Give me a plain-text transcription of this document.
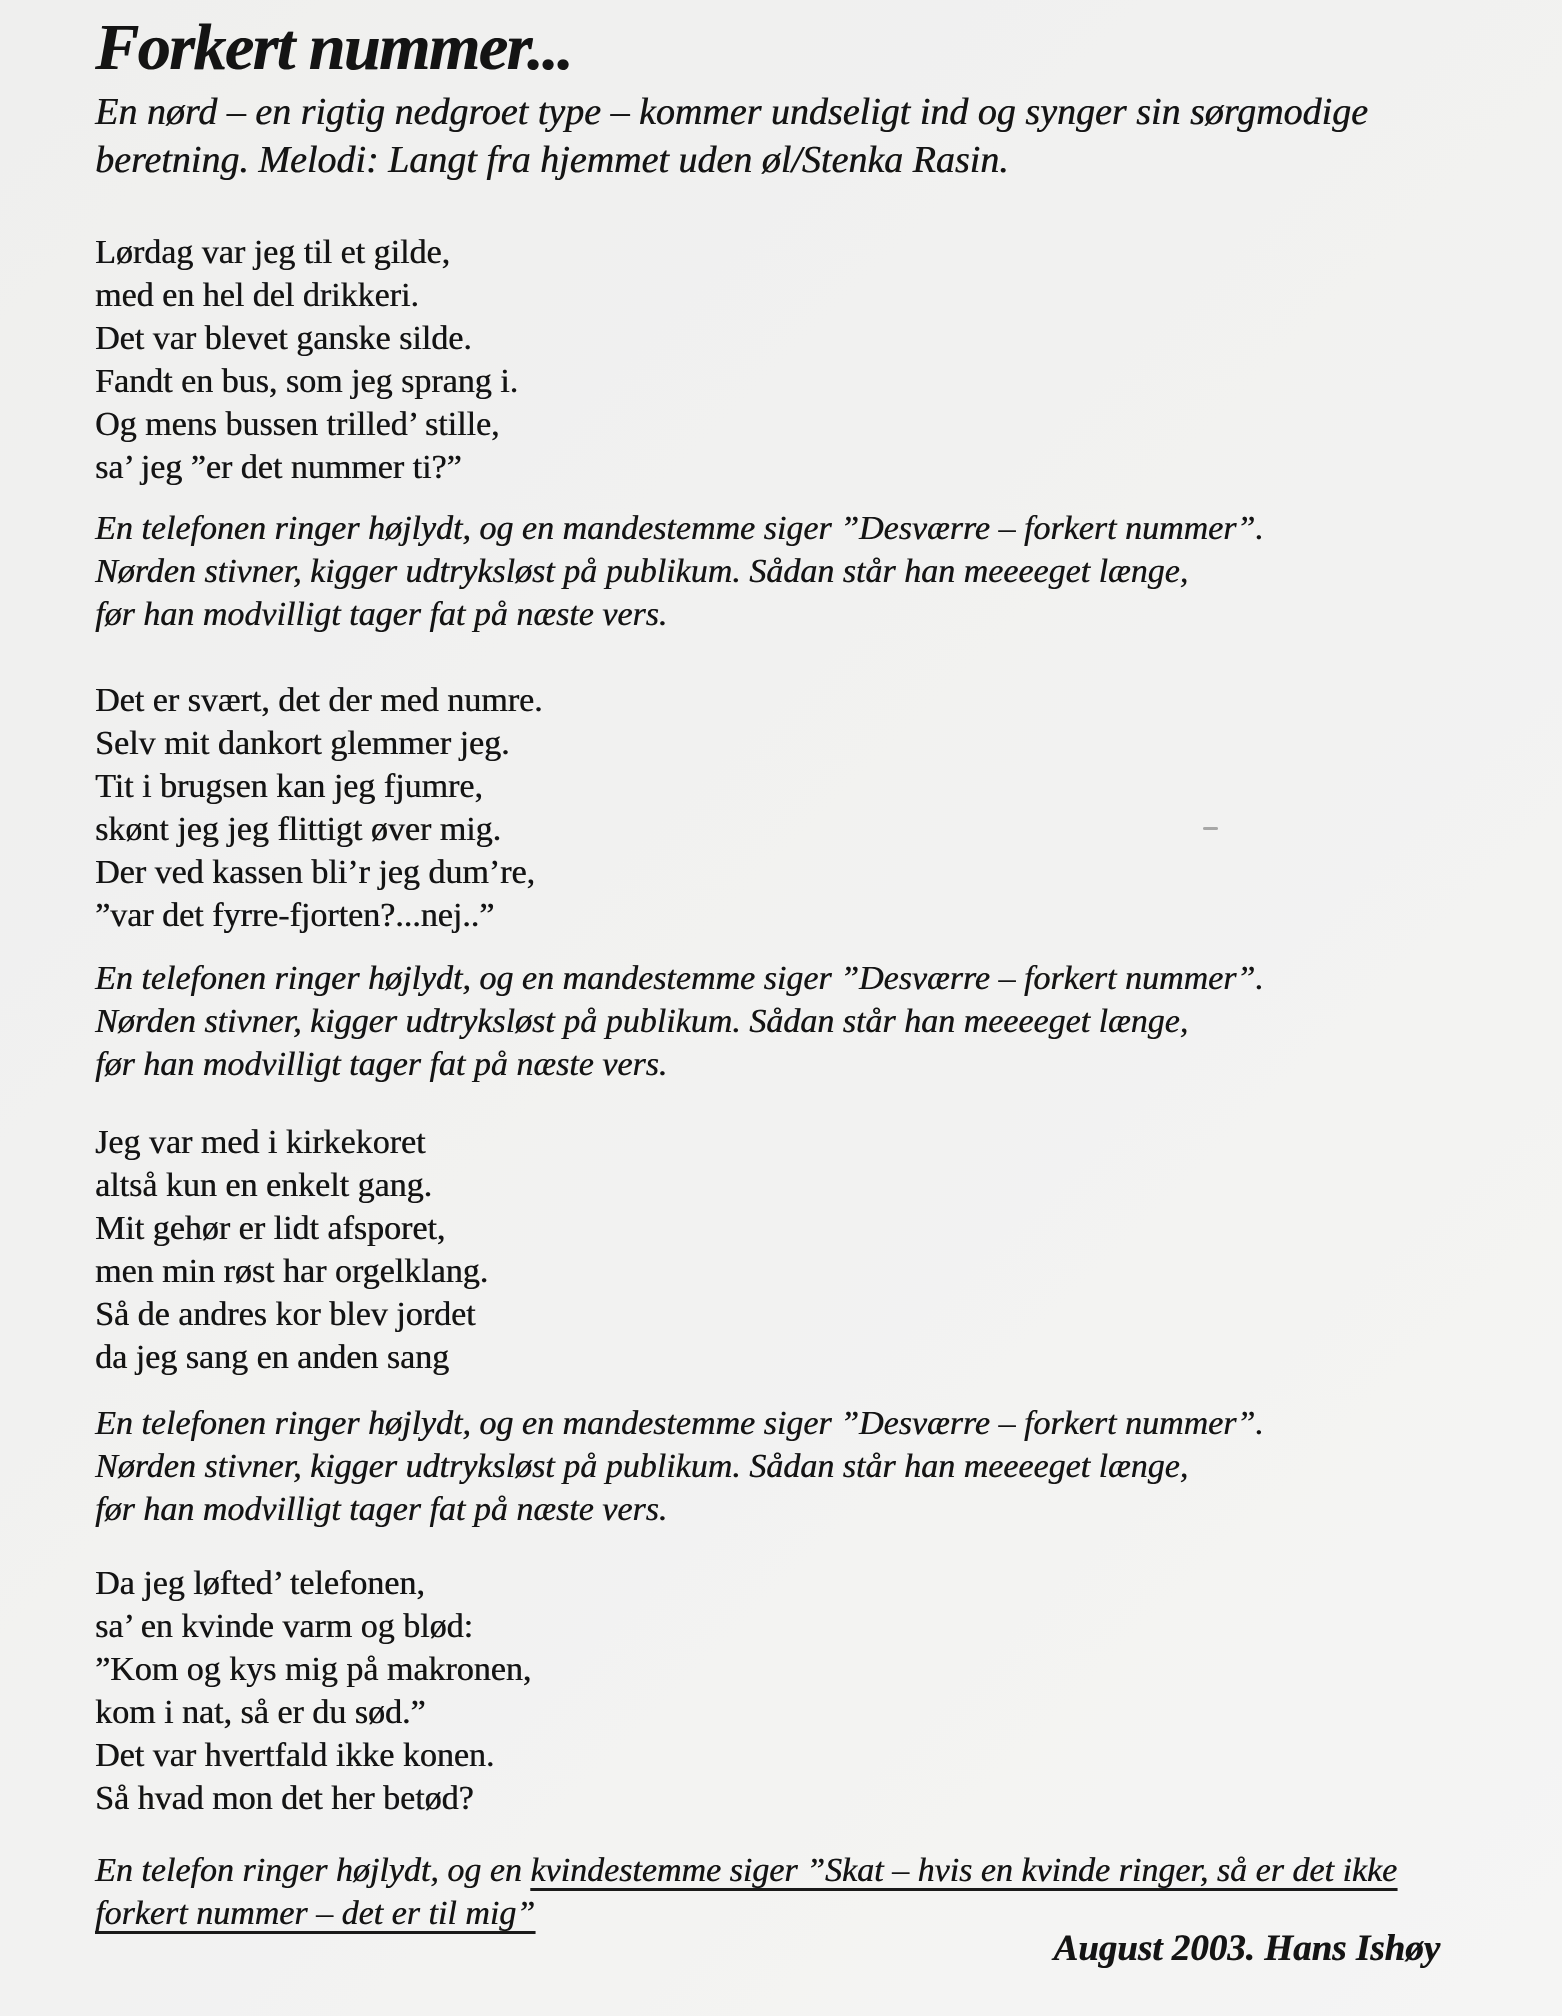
Forkert nummer...
En nørd – en rigtig nedgroet type – kommer undseligt ind og synger sin sørgmodige
beretning. Melodi: Langt fra hjemmet uden øl/Stenka Rasin.
Lørdag var jeg til et gilde,
med en hel del drikkeri.
Det var blevet ganske silde.
Fandt en bus, som jeg sprang i.
Og mens bussen trilled’ stille,
sa’ jeg ”er det nummer ti?”
En telefonen ringer højlydt, og en mandestemme siger ”Desværre – forkert nummer”.
Nørden stivner, kigger udtryksløst på publikum. Sådan står han meeeeget længe,
før han modvilligt tager fat på næste vers.
Det er svært, det der med numre.
Selv mit dankort glemmer jeg.
Tit i brugsen kan jeg fjumre,
skønt jeg jeg flittigt øver mig.
Der ved kassen bli’r jeg dum’re,
”var det fyrre-fjorten?...nej..”
En telefonen ringer højlydt, og en mandestemme siger ”Desværre – forkert nummer”.
Nørden stivner, kigger udtryksløst på publikum. Sådan står han meeeeget længe,
før han modvilligt tager fat på næste vers.
Jeg var med i kirkekoret
altså kun en enkelt gang.
Mit gehør er lidt afsporet,
men min røst har orgelklang.
Så de andres kor blev jordet
da jeg sang en anden sang
En telefonen ringer højlydt, og en mandestemme siger ”Desværre – forkert nummer”.
Nørden stivner, kigger udtryksløst på publikum. Sådan står han meeeeget længe,
før han modvilligt tager fat på næste vers.
Da jeg løfted’ telefonen,
sa’ en kvinde varm og blød:
”Kom og kys mig på makronen,
kom i nat, så er du sød.”
Det var hvertfald ikke konen.
Så hvad mon det her betød?
En telefon ringer højlydt, og en kvindestemme siger ”Skat – hvis en kvinde ringer, så er det ikke
forkert nummer – det er til mig”
August 2003. Hans Ishøy
